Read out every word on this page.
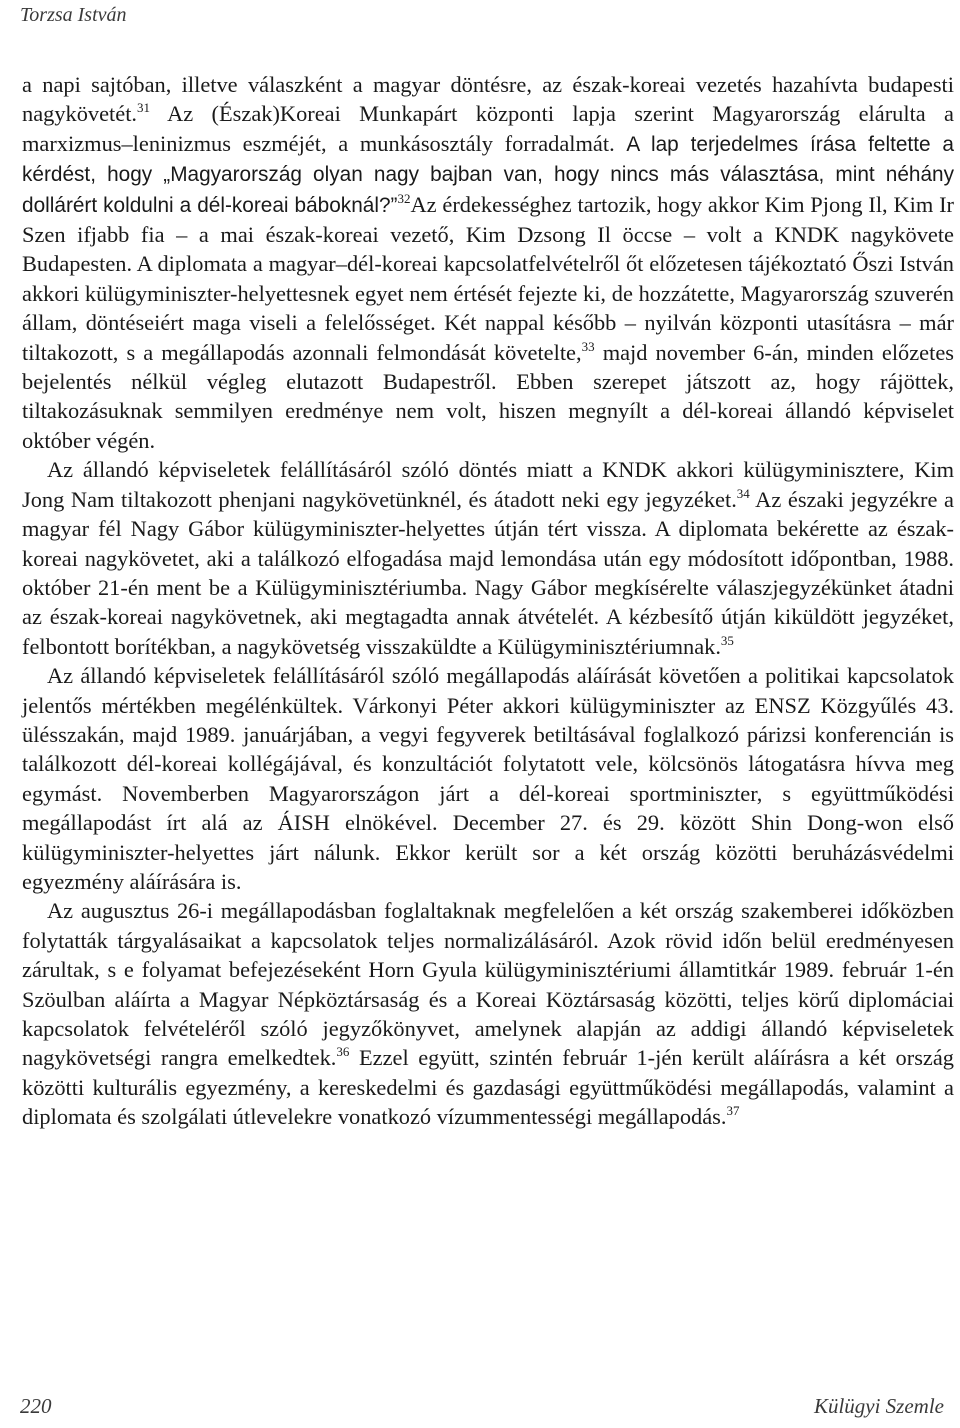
Torzsa István

a napi sajtóban, illetve válaszként a magyar döntésre, az észak-koreai vezetés hazahívta budapesti nagykövetét.$^{31}$ Az (Észak)Koreai Munkapárt központi lapja szerint Magyarország elárulta a marxizmus–leninizmus eszméjét, a munkásosztály forradalmát. A lap terjedelmes írása feltette a kérdést, hogy „Magyarország olyan nagy bajban van, hogy nincs más választása, mint néhány dollárért koldulni a dél-koreai báboknál?”$^{32}$Az érdekességhez tartozik, hogy akkor Kim Pjong Il, Kim Ir Szen ifjabb fia – a mai észak-koreai vezető, Kim Dzsong Il öccse – volt a KNDK nagykövete Budapesten. A diplomata a magyar–dél-koreai kapcsolatfelvételről őt előzetesen tájékoztató Őszi István akkori külügyminiszter-helyettesnek egyet nem értését fejezte ki, de hozzátette, Magyarország szuverén állam, döntéseiért maga viseli a felelősséget. Két nappal később – nyilván központi utasításra – már tiltakozott, s a megállapodás azonnali felmondását követelte,$^{33}$ majd november 6-án, minden előzetes bejelentés nélkül végleg elutazott Budapestről. Ebben szerepet játszott az, hogy rájöttek, tiltakozásuknak semmilyen eredménye nem volt, hiszen megnyílt a dél-koreai állandó képviselet október végén.

Az állandó képviseletek felállításáról szóló döntés miatt a KNDK akkori külügyminisztere, Kim Jong Nam tiltakozott phenjani nagykövetünknél, és átadott neki egy jegyzéket.$^{34}$ Az északi jegyzékre a magyar fél Nagy Gábor külügyminiszter-helyettes útján tért vissza. A diplomata bekérette az észak-koreai nagykövetet, aki a találkozó elfogadása majd lemondása után egy módosított időpontban, 1988. október 21-én ment be a Külügyminisztériumba. Nagy Gábor megkísérelte válaszjegyzékünket átadni az észak-koreai nagykövetnek, aki megtagadta annak átvételét. A kézbesítő útján kiküldött jegyzéket, felbontott borítékban, a nagykövetség visszaküldte a Külügyminisztériumnak.$^{35}$

Az állandó képviseletek felállításáról szóló megállapodás aláírását követően a politikai kapcsolatok jelentős mértékben megélénkültek. Várkonyi Péter akkori külügyminiszter az ENSZ Közgyűlés 43. ülésszakán, majd 1989. januárjában, a vegyi fegyverek betiltásával foglalkozó párizsi konferencián is találkozott dél-koreai kollégájával, és konzultációt folytatott vele, kölcsönös látogatásra hívva meg egymást. Novemberben Magyarországon járt a dél-koreai sportminiszter, s együttműködési megállapodást írt alá az ÁISH elnökével. December 27. és 29. között Shin Dong-won első külügyminiszter-helyettes járt nálunk. Ekkor került sor a két ország közötti beruházásvédelmi egyezmény aláírására is.

Az augusztus 26-i megállapodásban foglaltaknak megfelelően a két ország szakemberei időközben folytatták tárgyalásaikat a kapcsolatok teljes normalizálásáról. Azok rövid időn belül eredményesen zárultak, s e folyamat befejezéseként Horn Gyula külügyminisztériumi államtitkár 1989. február 1-én Szöulban aláírta a Magyar Népköztársaság és a Koreai Köztársaság közötti, teljes körű diplomáciai kapcsolatok felvételéről szóló jegyzőkönyvet, amelynek alapján az addigi állandó képviseletek nagykövetségi rangra emelkedtek.$^{36}$ Ezzel együtt, szintén február 1-jén került aláírásra a két ország közötti kulturális egyezmény, a kereskedelmi és gazdasági együttműködési megállapodás, valamint a diplomata és szolgálati útlevelekre vonatkozó vízummentességi megállapodás.$^{37}$

220	Külügyi Szemle
